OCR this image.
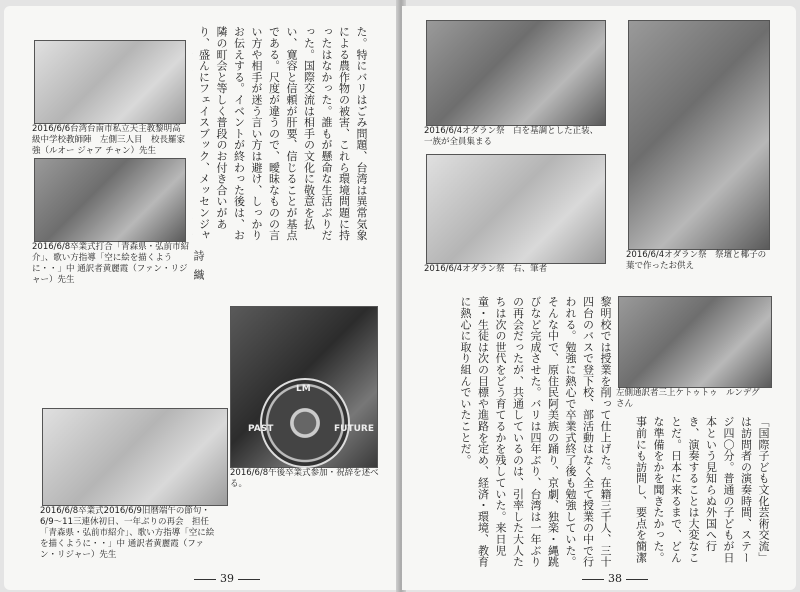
2016/6/6台湾台南市私立天主教黎明高級中学校教師陣　左側三人目　校長羅家強（ルオー ジャア チャン）先生
2016/6/8卒業式打合「青森県・弘前市紹介」、歌い方指導「空に絵を描くように・・」中 通訳者黄麗霞（ファン・リジャー）先生
た。特にバリはごみ問題、台湾は異常気象による農作物の被害、これら環境問題に持ったはなかった。誰もが懸命な生活ぶりだった。国際交流は相手の文化に敬意を払い、寛容と信頼が肝要、信じることが基点である。尺度が違うので、曖昧なものの言い方や相手が迷う言い方は避け、しっかりお伝えする。イベントが終わった後は、お隣の町会と等しく普段のお付き合いがあり、盛んにフェイスブック、メッセンジャ
詩織
LM
PAST	FUTURE
2016/6/8午後卒業式参加・祝辞を述べる。
2016/6/8卒業式2016/6/9旧暦端午の節句・6/9〜11三連休初日、一年ぶりの再会　担任「青森県・弘前市紹介」、歌い方指導「空に絵を描くように・・」中 通訳者黄麗霞（ファン・リジャー）先生
39
2016/6/4オダラン祭　白を基調とした正装、一族が全員集まる
2016/6/4オダラン祭　右、筆者
2016/6/4オダラン祭　祭壇と椰子の葉で作ったお供え
左側通訳者三上ケトゥトゥ　ルンデグさん
「国際子ども文化芸術交流」は訪問者の演奏時間、ステージ四〇分。普通の子どもが日本という見知らぬ外国へ行き、演奏することは大変なことだ。日本に来るまで、どんな準備をかを聞きたかった。事前にも訪問し、要点を簡潔
黎明校では授業を削って仕上げた。在籍三千人、三十四台のバスで登下校、部活動はなく全て授業の中で行われる。勉強に熱心で卒業式終了後も勉強していた。そんな中で、原住民阿美族の踊り、京劇、独楽・縄跳びなど完成させた。バリは四年ぶり、台湾は一年ぶりの再会だったが、共通しているのは、引率した大人たちは次の世代をどう育てるかを残していた。来日児童・生徒は次の目標や進路を定め、経済・環境、教育に熱心に取り組んでいたことだ。
38
